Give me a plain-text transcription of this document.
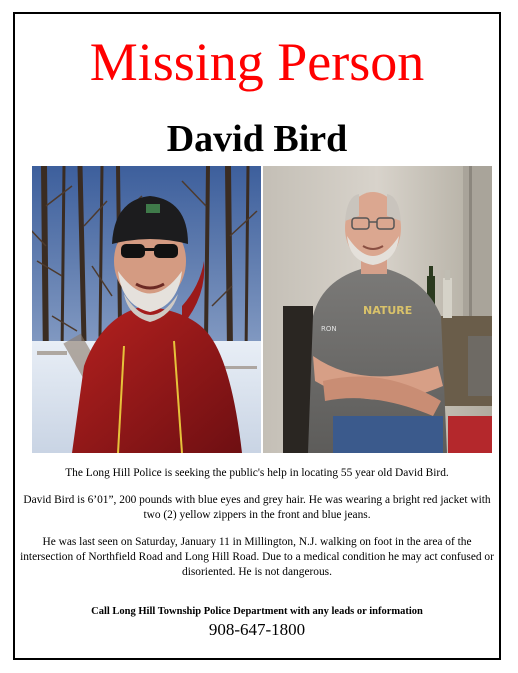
Missing Person
David Bird
NATURE
RON

The Long Hill Police is seeking the public's help in locating 55 year old David Bird.

David Bird is 6’01”, 200 pounds with blue eyes and grey hair. He was wearing a bright red jacket with two (2) yellow zippers in the front and blue jeans.

He was last seen on Saturday, January 11 in Millington, N.J. walking on foot in the area of the intersection of Northfield Road and Long Hill Road. Due to a medical condition he may act confused or disoriented. He is not dangerous.

Call Long Hill Township Police Department with any leads or information
908-647-1800
